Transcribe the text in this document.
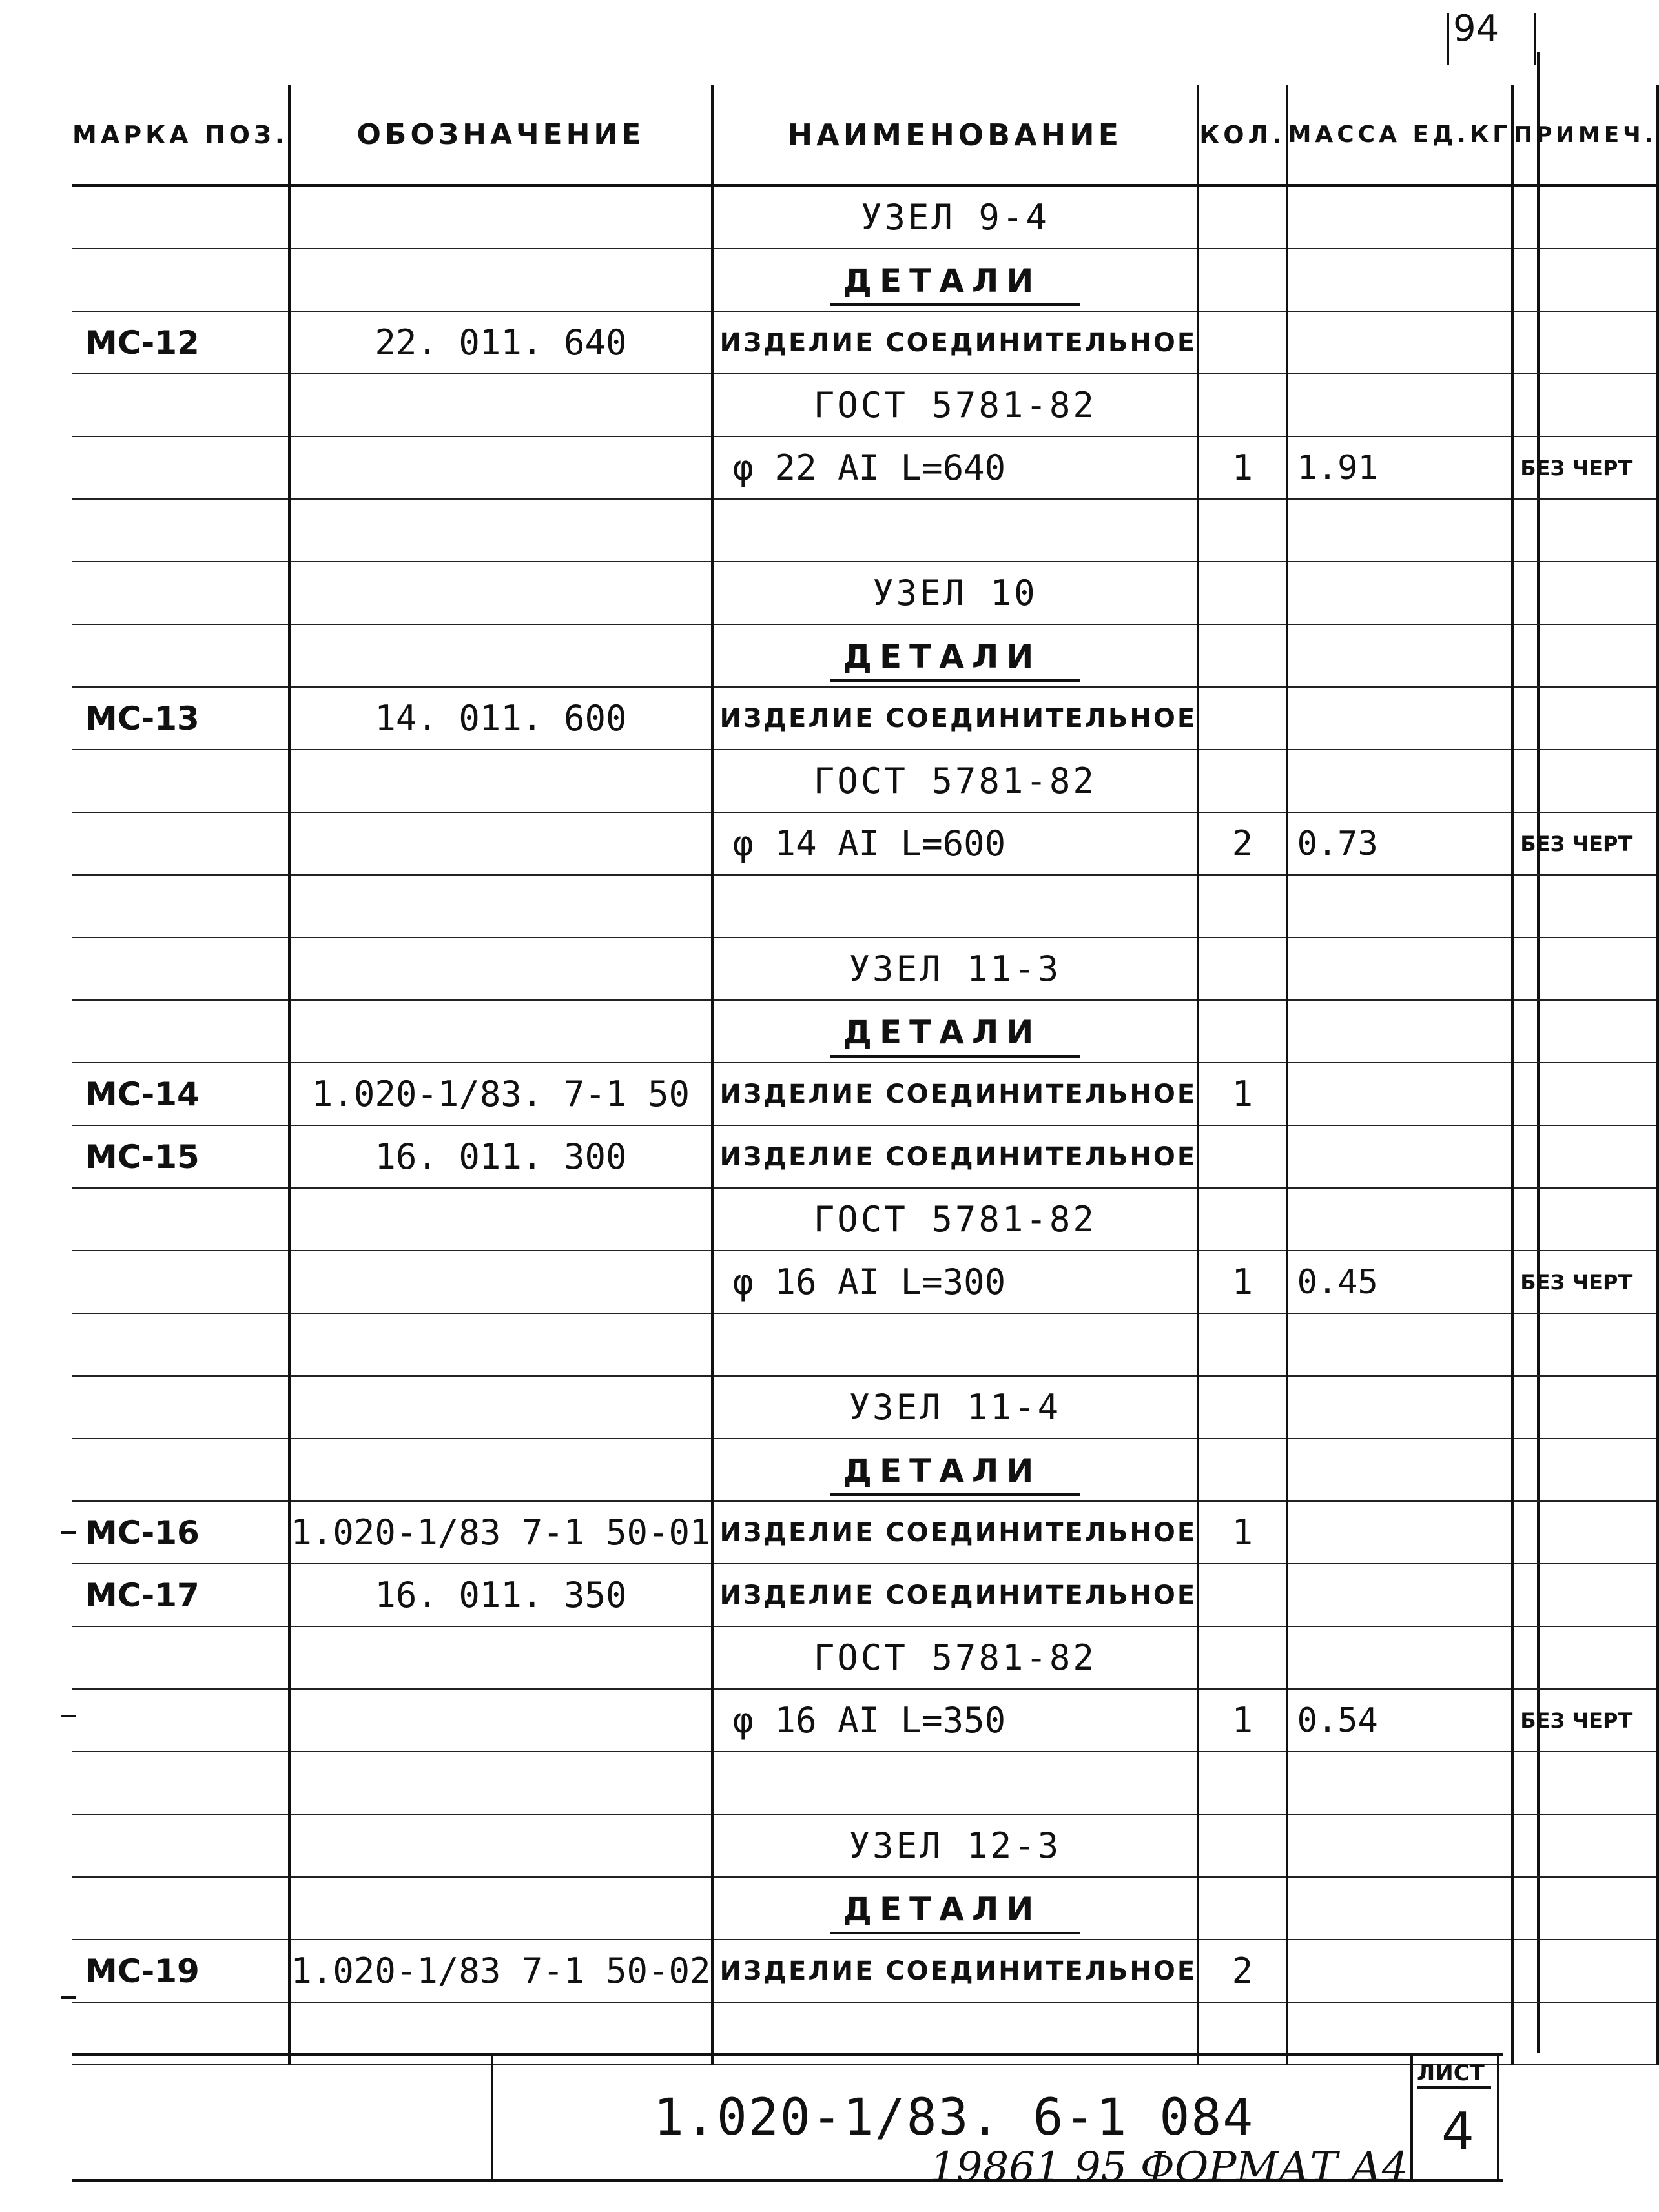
94
МАРКА ПОЗ.	ОБОЗНАЧЕНИЕ	НАИМЕНОВАНИЕ	КОЛ.	МАССА ЕД.КГ	ПРИМЕЧ.
		УЗЕЛ 9-4			
		ДЕТАЛИ			
МС-12	22. 011. 640	ИЗДЕЛИЕ СОЕДИНИТЕЛЬНОЕ			
		ГОСТ 5781-82			
		φ 22 АI L=640	1	1.91	БЕЗ ЧЕРТ

		УЗЕЛ 10			
		ДЕТАЛИ			
МС-13	14. 011. 600	ИЗДЕЛИЕ СОЕДИНИТЕЛЬНОЕ			
		ГОСТ 5781-82			
		φ 14 АI L=600	2	0.73	БЕЗ ЧЕРТ

		УЗЕЛ 11-3			
		ДЕТАЛИ			
МС-14	1.020-1/83. 7-1 50	ИЗДЕЛИЕ СОЕДИНИТЕЛЬНОЕ	1		
МС-15	16. 011. 300	ИЗДЕЛИЕ СОЕДИНИТЕЛЬНОЕ			
		ГОСТ 5781-82			
		φ 16 АI L=300	1	0.45	БЕЗ ЧЕРТ

		УЗЕЛ 11-4			
		ДЕТАЛИ			
МС-16	1.020-1/83 7-1 50-01	ИЗДЕЛИЕ СОЕДИНИТЕЛЬНОЕ	1		
МС-17	16. 011. 350	ИЗДЕЛИЕ СОЕДИНИТЕЛЬНОЕ			
		ГОСТ 5781-82			
		φ 16 АI L=350	1	0.54	БЕЗ ЧЕРТ

		УЗЕЛ 12-3			
		ДЕТАЛИ			
МС-19	1.020-1/83 7-1 50-02	ИЗДЕЛИЕ СОЕДИНИТЕЛЬНОЕ	2		

1.020-1/83. 6-1 084
ЛИСТ
4
19861 95 ФОРМАТ А4
